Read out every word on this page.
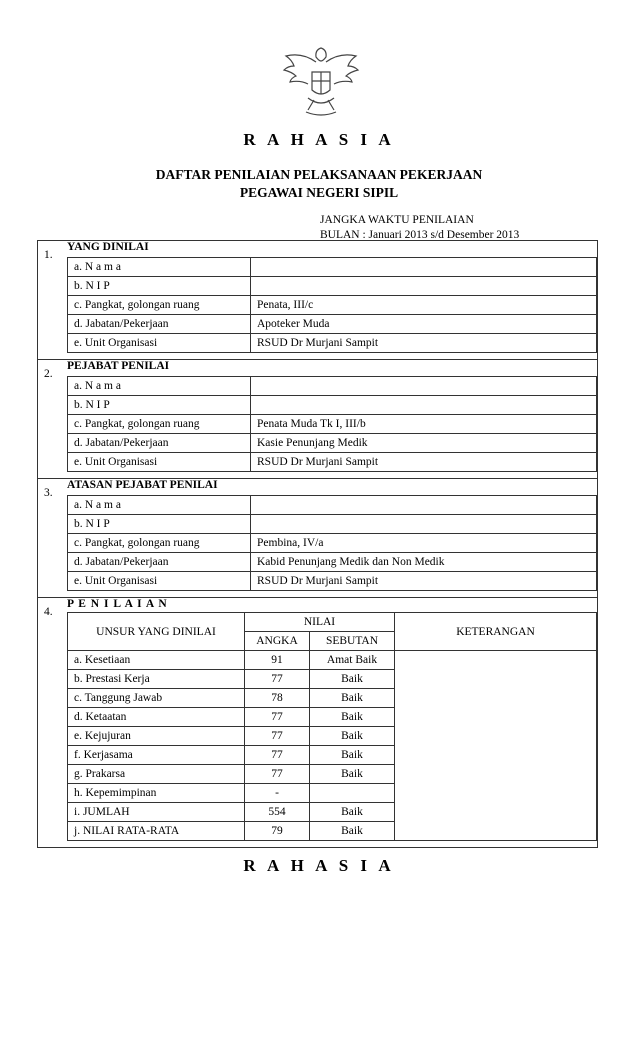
R A H A S I A
DAFTAR PENILAIAN PELAKSANAAN PEKERJAAN
PEGAWAI NEGERI SIPIL
JANGKA WAKTU PENILAIAN
BULAN : Januari 2013 s/d Desember 2013
1.	
YANG DINILAI
a. N a m a	
b. N I P	
c. Pangkat, golongan ruang	Penata, III/c
d. Jabatan/Pekerjaan	Apoteker Muda
e. Unit Organisasi	RSUD Dr Murjani Sampit

2.	
PEJABAT PENILAI
a. N a m a	
b. N I P	
c. Pangkat, golongan ruang	Penata Muda Tk I, III/b
d. Jabatan/Pekerjaan	Kasie Penunjang Medik
e. Unit Organisasi	RSUD Dr Murjani Sampit

3.	
ATASAN PEJABAT PENILAI
a. N a m a	
b. N I P	
c. Pangkat, golongan ruang	Pembina, IV/a
d. Jabatan/Pekerjaan	Kabid Penunjang Medik dan Non Medik
e. Unit Organisasi	RSUD Dr Murjani Sampit

4.	
P E N I L A I A N
UNSUR YANG DINILAI	NILAI	KETERANGAN
ANGKA	SEBUTAN
a. Kesetiaan	91	Amat Baik	
b. Prestasi Kerja	77	Baik
c. Tanggung Jawab	78	Baik
d. Ketaatan	77	Baik
e. Kejujuran	77	Baik
f. Kerjasama	77	Baik
g. Prakarsa	77	Baik
h. Kepemimpinan	-	
i. JUMLAH	554	Baik
j. NILAI RATA-RATA	79	Baik
R A H A S I A
